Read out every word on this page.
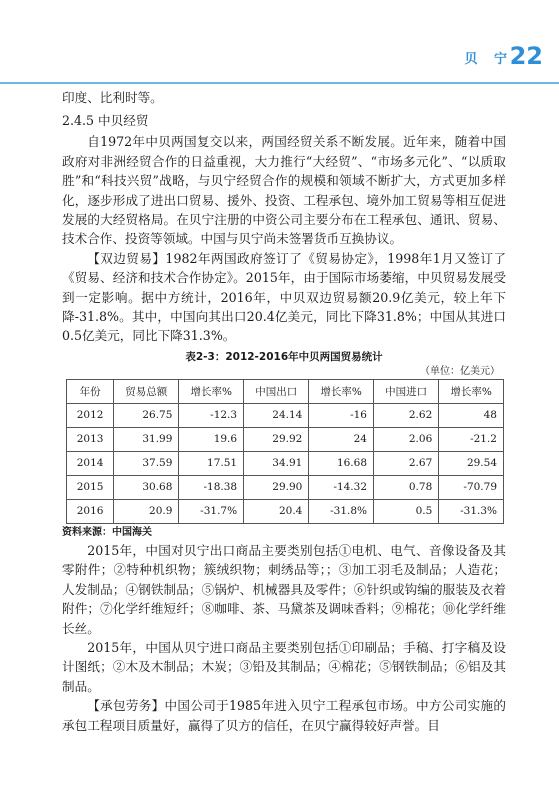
贝 宁
22

印度、比利时等。

2.4.5 中贝经贸

自1972年中贝两国复交以来，两国经贸关系不断发展。近年来，随着中国政府对非洲经贸合作的日益重视，大力推行“大经贸”、“市场多元化”、“以质取胜”和“科技兴贸”战略，与贝宁经贸合作的规模和领域不断扩大，方式更加多样化，逐步形成了进出口贸易、援外、投资、工程承包、境外加工贸易等相互促进发展的大经贸格局。在贝宁注册的中资公司主要分布在工程承包、通讯、贸易、技术合作、投资等领域。中国与贝宁尚未签署货币互换协议。

【双边贸易】1982年两国政府签订了《贸易协定》，1998年1月又签订了《贸易、经济和技术合作协定》。2015年，由于国际市场萎缩，中贝贸易发展受到一定影响。据中方统计，2016年，中贝双边贸易额20.9亿美元，较上年下降-31.8%。其中，中国向其出口20.4亿美元，同比下降31.8%；中国从其进口0.5亿美元，同比下降31.3%。

表2-3：2012-2016年中贝两国贸易统计
（单位：亿美元）
年份	贸易总额	增长率%	中国出口	增长率%	中国进口	增长率%
2012	26.75	-12.3	24.14	-16	2.62	48
2013	31.99	19.6	29.92	24	2.06	-21.2
2014	37.59	17.51	34.91	16.68	2.67	29.54
2015	30.68	-18.38	29.90	-14.32	0.78	-70.79
2016	20.9	-31.7%	20.4	-31.8%	0.5	-31.3%
资料来源：中国海关

2015年，中国对贝宁出口商品主要类别包括①电机、电气、音像设备及其零附件；②特种机织物；簇绒织物；刺绣品等；；③加工羽毛及制品；人造花；人发制品；④钢铁制品；⑤锅炉、机械器具及零件；⑥针织或钩编的服装及衣着附件；⑦化学纤维短纤；⑧咖啡、茶、马黛茶及调味香料；⑨棉花；⑩化学纤维长丝。

2015年，中国从贝宁进口商品主要类别包括①印刷品；手稿、打字稿及设计图纸；②木及木制品；木炭；③铅及其制品；④棉花；⑤钢铁制品；⑥铝及其制品。

【承包劳务】中国公司于1985年进入贝宁工程承包市场。中方公司实施的承包工程项目质量好，赢得了贝方的信任，在贝宁赢得较好声誉。目
